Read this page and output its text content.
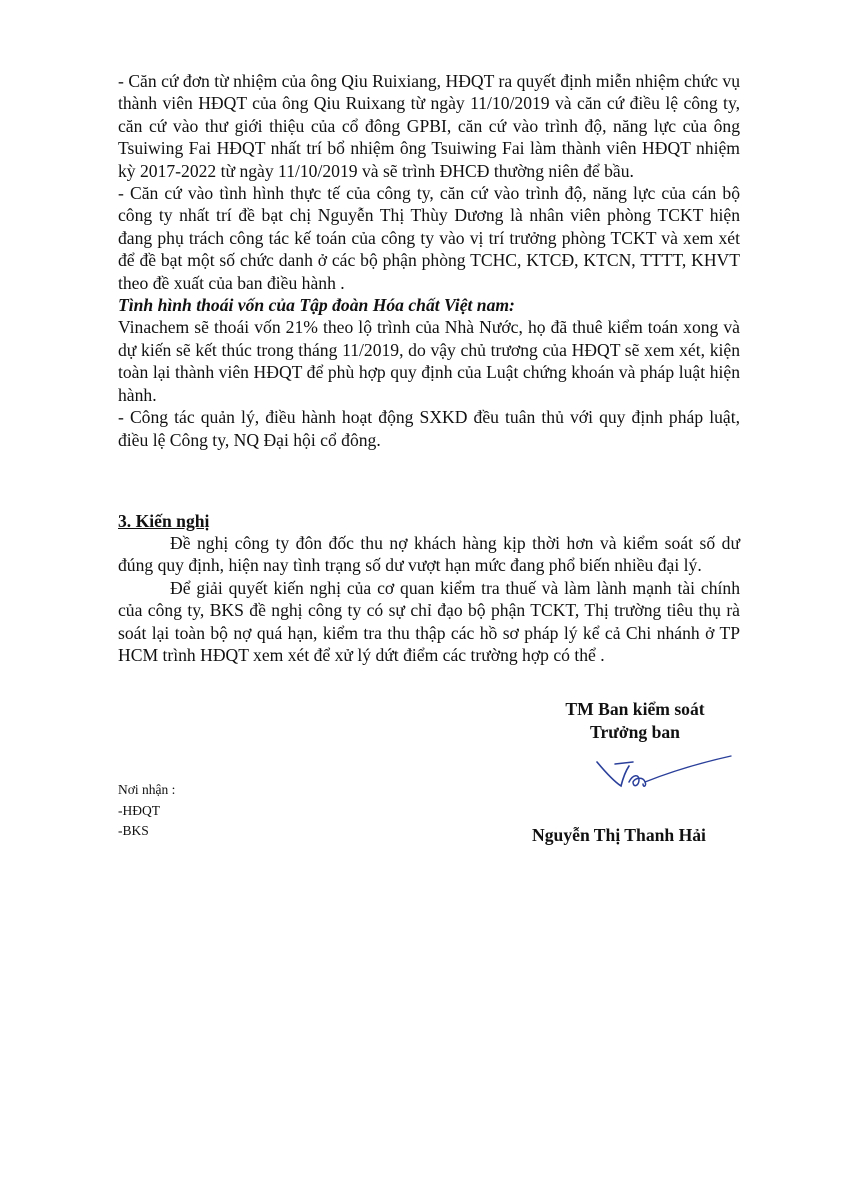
- Căn cứ đơn từ nhiệm của ông Qiu Ruixiang, HĐQT ra quyết định miễn nhiệm chức vụ thành viên HĐQT của ông Qiu Ruixang từ ngày 11/10/2019 và căn cứ điều lệ công ty, căn cứ vào thư giới thiệu của cổ đông GPBI, căn cứ vào trình độ, năng lực của ông Tsuiwing Fai HĐQT nhất trí bổ nhiệm ông Tsuiwing Fai làm thành viên HĐQT nhiệm kỳ 2017-2022 từ ngày 11/10/2019 và sẽ trình ĐHCĐ thường niên để bầu.

- Căn cứ vào tình hình thực tế của công ty, căn cứ vào trình độ, năng lực của cán bộ công ty nhất trí đề bạt chị Nguyễn Thị Thùy Dương là nhân viên phòng TCKT hiện đang phụ trách công tác kế toán của công ty vào vị trí trưởng phòng TCKT và xem xét để đề bạt một số chức danh ở các bộ phận phòng TCHC, KTCĐ, KTCN, TTTT, KHVT theo đề xuất của ban điều hành .

Tình hình thoái vốn của Tập đoàn Hóa chất Việt nam:

Vinachem sẽ thoái vốn 21% theo lộ trình của Nhà Nước, họ đã thuê kiểm toán xong và dự kiến sẽ kết thúc trong tháng 11/2019, do vậy chủ trương của HĐQT sẽ xem xét, kiện toàn lại thành viên HĐQT để phù hợp quy định của Luật chứng khoán và pháp luật hiện hành.

- Công tác quản lý, điều hành hoạt động SXKD đều tuân thủ với quy định pháp luật, điều lệ Công ty, NQ Đại hội cổ đông.

3. Kiến nghị

Đề nghị công ty đôn đốc thu nợ khách hàng kịp thời hơn và kiểm soát số dư đúng quy định, hiện nay tình trạng số dư vượt hạn mức đang phổ biến nhiều đại lý.

Để giải quyết kiến nghị của cơ quan kiểm tra thuế và làm lành mạnh tài chính của công ty, BKS đề nghị công ty có sự chỉ đạo bộ phận TCKT, Thị trường tiêu thụ rà soát lại toàn bộ nợ quá hạn, kiểm tra thu thập các hồ sơ pháp lý kể cả Chi nhánh ở TP HCM trình HĐQT xem xét để xử lý dứt điểm các trường hợp có thể .

TM Ban kiểm soát
Trưởng ban
Nguyễn Thị Thanh Hải
Nơi nhận :
-HĐQT
-BKS
